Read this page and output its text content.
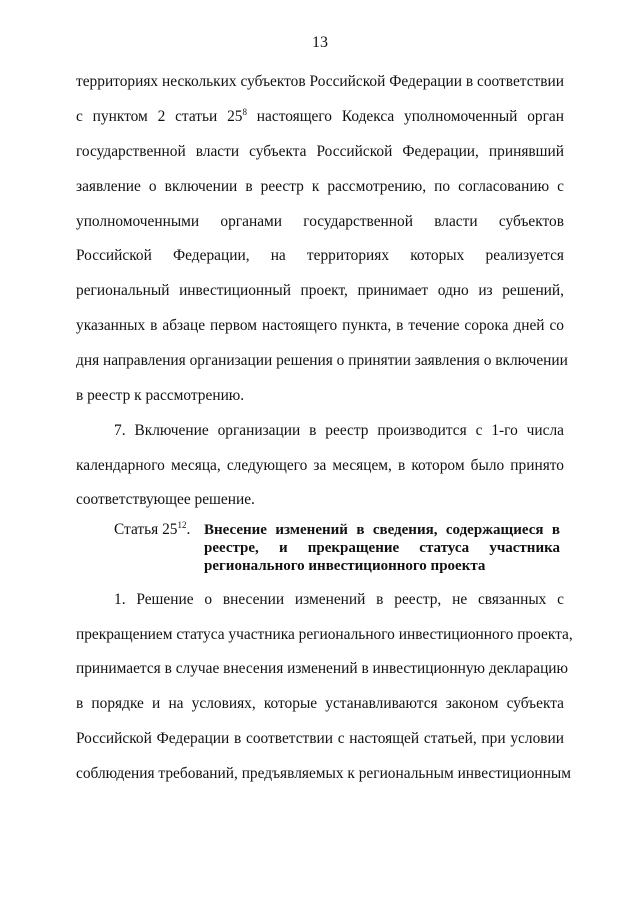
13
территориях нескольких субъектов Российской Федерации в соответствии
с пунктом 2 статьи $25^8$ настоящего Кодекса уполномоченный орган
государственной власти субъекта Российской Федерации, принявший
заявление о включении в реестр к рассмотрению, по согласованию с
уполномоченными органами государственной власти субъектов
Российской Федерации, на территориях которых реализуется
региональный инвестиционный проект, принимает одно из решений,
указанных в абзаце первом настоящего пункта, в течение сорока дней со
дня направления организации решения о принятии заявления о включении
в реестр к рассмотрению.
7. Включение организации в реестр производится с 1-го числа
календарного месяца, следующего за месяцем, в котором было принято
соответствующее решение.
Статья $25^{12}$. Внесение изменений в сведения, содержащиеся в
реестре, и прекращение статуса участника
регионального инвестиционного проекта
1. Решение о внесении изменений в реестр, не связанных с
прекращением статуса участника регионального инвестиционного проекта,
принимается в случае внесения изменений в инвестиционную декларацию
в порядке и на условиях, которые устанавливаются законом субъекта
Российской Федерации в соответствии с настоящей статьей, при условии
соблюдения требований, предъявляемых к региональным инвестиционным
